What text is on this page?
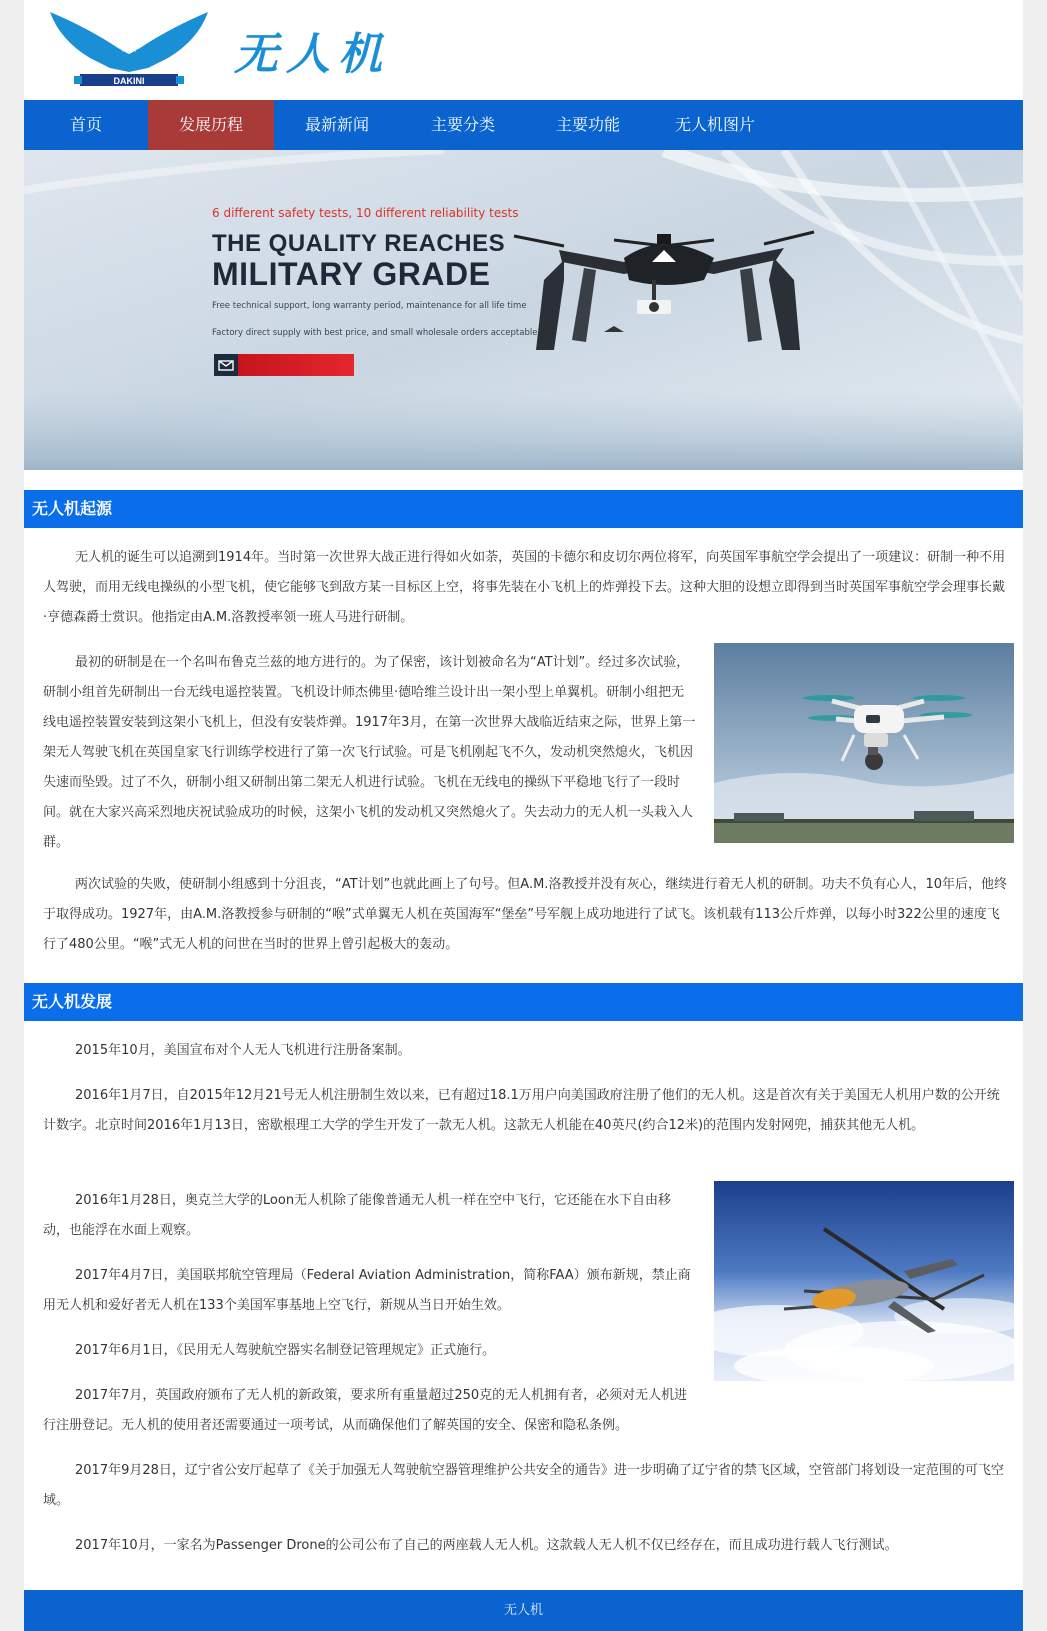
DAKINI
无人机
首页	发展历程	最新新闻	主要分类	主要功能	无人机图片
6 different safety tests, 10 different reliability tests
THE QUALITY REACHES
MILITARY GRADE
Free technical support, long warranty period, maintenance for all life time
Factory direct supply with best price, and small wholesale orders acceptable
无人机起源

无人机的诞生可以追溯到1914年。当时第一次世界大战正进行得如火如荼，英国的卡德尔和皮切尔两位将军，向英国军事航空学会提出了一项建议：研制一种不用人驾驶，而用无线电操纵的小型飞机，使它能够飞到敌方某一目标区上空，将事先装在小飞机上的炸弹投下去。这种大胆的设想立即得到当时英国军事航空学会理事长戴·亨德森爵士赏识。他指定由A.M.洛教授率领一班人马进行研制。

最初的研制是在一个名叫布鲁克兰兹的地方进行的。为了保密，该计划被命名为“AT计划”。经过多次试验，研制小组首先研制出一台无线电遥控装置。飞机设计师杰佛里·德哈维兰设计出一架小型上单翼机。研制小组把无线电遥控装置安装到这架小飞机上，但没有安装炸弹。1917年3月，在第一次世界大战临近结束之际，世界上第一架无人驾驶飞机在英国皇家飞行训练学校进行了第一次飞行试验。可是飞机刚起飞不久，发动机突然熄火，飞机因失速而坠毁。过了不久，研制小组又研制出第二架无人机进行试验。飞机在无线电的操纵下平稳地飞行了一段时间。就在大家兴高采烈地庆祝试验成功的时候，这架小飞机的发动机又突然熄火了。失去动力的无人机一头栽入人群。

两次试验的失败，使研制小组感到十分沮丧，“AT计划”也就此画上了句号。但A.M.洛教授并没有灰心，继续进行着无人机的研制。功夫不负有心人，10年后，他终于取得成功。1927年，由A.M.洛教授参与研制的“喉”式单翼无人机在英国海军“堡垒”号军舰上成功地进行了试飞。该机载有113公斤炸弹，以每小时322公里的速度飞行了480公里。“喉”式无人机的问世在当时的世界上曾引起极大的轰动。

无人机发展

2015年10月，美国宣布对个人无人飞机进行注册备案制。

2016年1月7日，自2015年12月21号无人机注册制生效以来，已有超过18.1万用户向美国政府注册了他们的无人机。这是首次有关于美国无人机用户数的公开统计数字。北京时间2016年1月13日，密歇根理工大学的学生开发了一款无人机。这款无人机能在40英尺(约合12米)的范围内发射网兜，捕获其他无人机。

2016年1月28日，奥克兰大学的Loon无人机除了能像普通无人机一样在空中飞行，它还能在水下自由移动，也能浮在水面上观察。

2017年4月7日，美国联邦航空管理局（Federal Aviation Administration，简称FAA）颁布新规，禁止商用无人机和爱好者无人机在133个美国军事基地上空飞行，新规从当日开始生效。

2017年6月1日，《民用无人驾驶航空器实名制登记管理规定》正式施行。

2017年7月，英国政府颁布了无人机的新政策，要求所有重量超过250克的无人机拥有者，必须对无人机进行注册登记。无人机的使用者还需要通过一项考试，从而确保他们了解英国的安全、保密和隐私条例。

2017年9月28日，辽宁省公安厅起草了《关于加强无人驾驶航空器管理维护公共安全的通告》进一步明确了辽宁省的禁飞区域，空管部门将划设一定范围的可飞空域。

2017年10月，一家名为Passenger Drone的公司公布了自己的两座载人无人机。这款载人无人机不仅已经存在，而且成功进行载人飞行测试。

无人机
